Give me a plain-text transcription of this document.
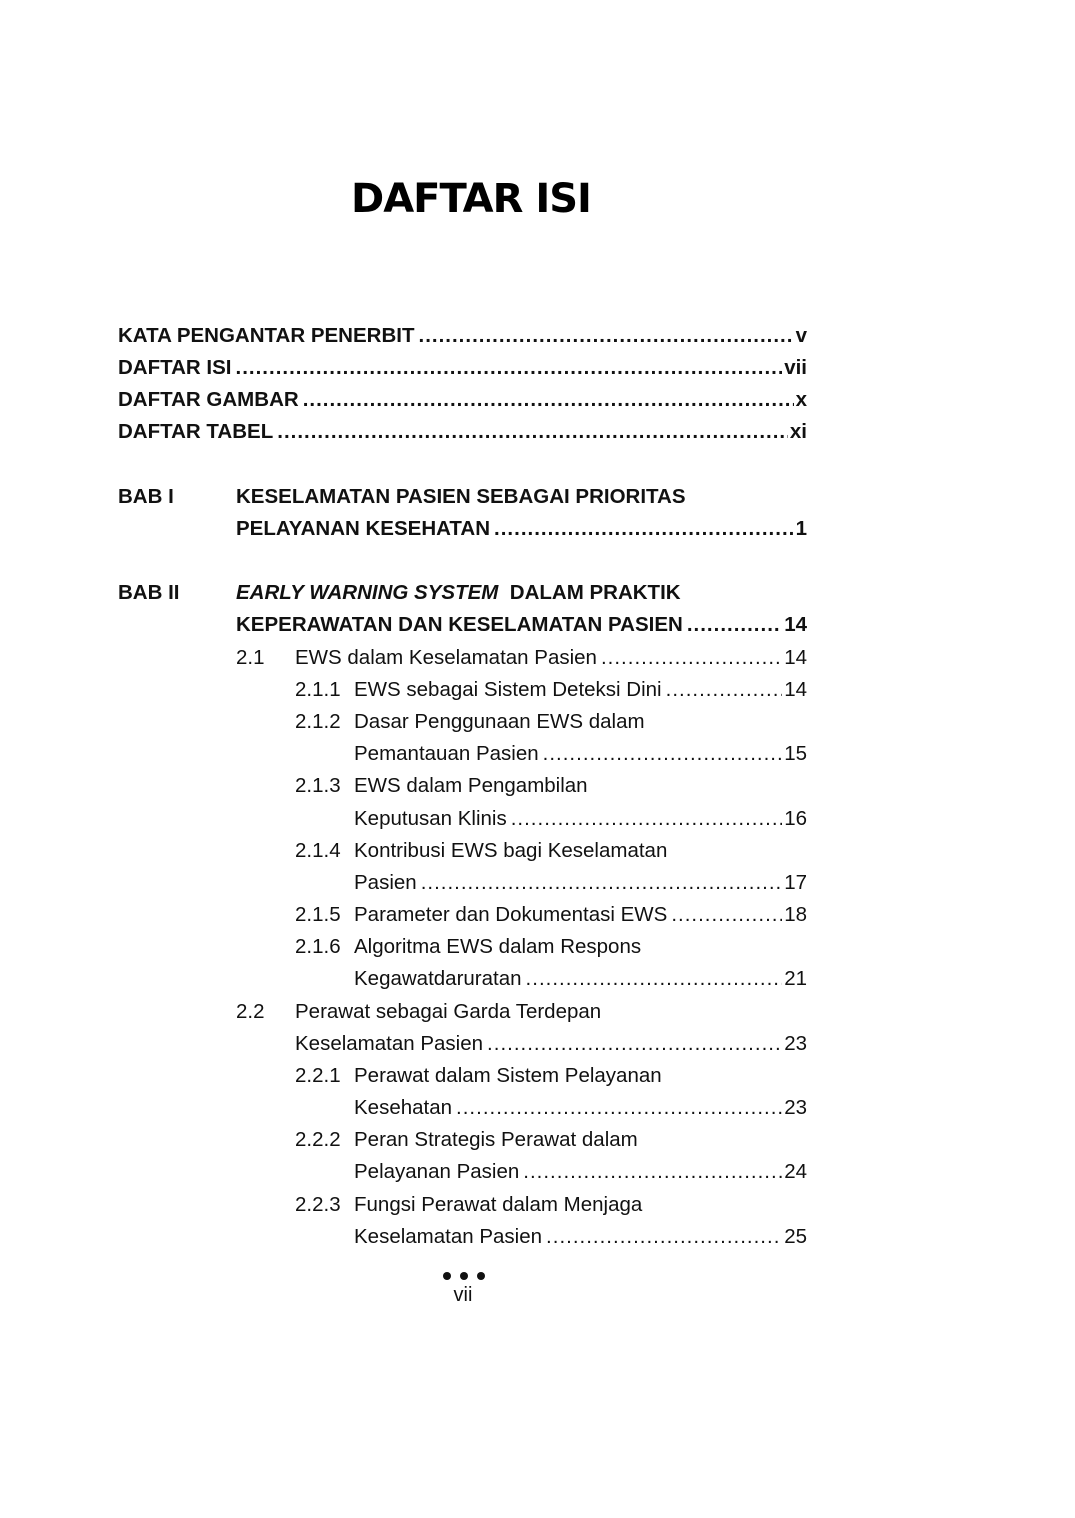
DAFTAR ISI
KATA PENGANTAR PENERBIT .....	v
DAFTAR ISI .....	vii
DAFTAR GAMBAR .....	x
DAFTAR TABEL .....	xi
BAB I	KESELAMATAN PASIEN SEBAGAI PRIORITAS
PELAYANAN KESEHATAN .....	1
BAB II	EARLY WARNING SYSTEM DALAM PRAKTIK
KEPERAWATAN DAN KESELAMATAN PASIEN .....	14
2.1 EWS dalam Keselamatan Pasien .....	14
2.1.1 EWS sebagai Sistem Deteksi Dini .....	14
2.1.2 Dasar Penggunaan EWS dalam
Pemantauan Pasien .....	15
2.1.3 EWS dalam Pengambilan
Keputusan Klinis .....	16
2.1.4 Kontribusi EWS bagi Keselamatan
Pasien .....	17
2.1.5 Parameter dan Dokumentasi EWS .....	18
2.1.6 Algoritma EWS dalam Respons
Kegawatdaruratan .....	21
2.2 Perawat sebagai Garda Terdepan
Keselamatan Pasien .....	23
2.2.1 Perawat dalam Sistem Pelayanan
Kesehatan .....	23
2.2.2 Peran Strategis Perawat dalam
Pelayanan Pasien .....	24
2.2.3 Fungsi Perawat dalam Menjaga
Keselamatan Pasien .....	25
vii
